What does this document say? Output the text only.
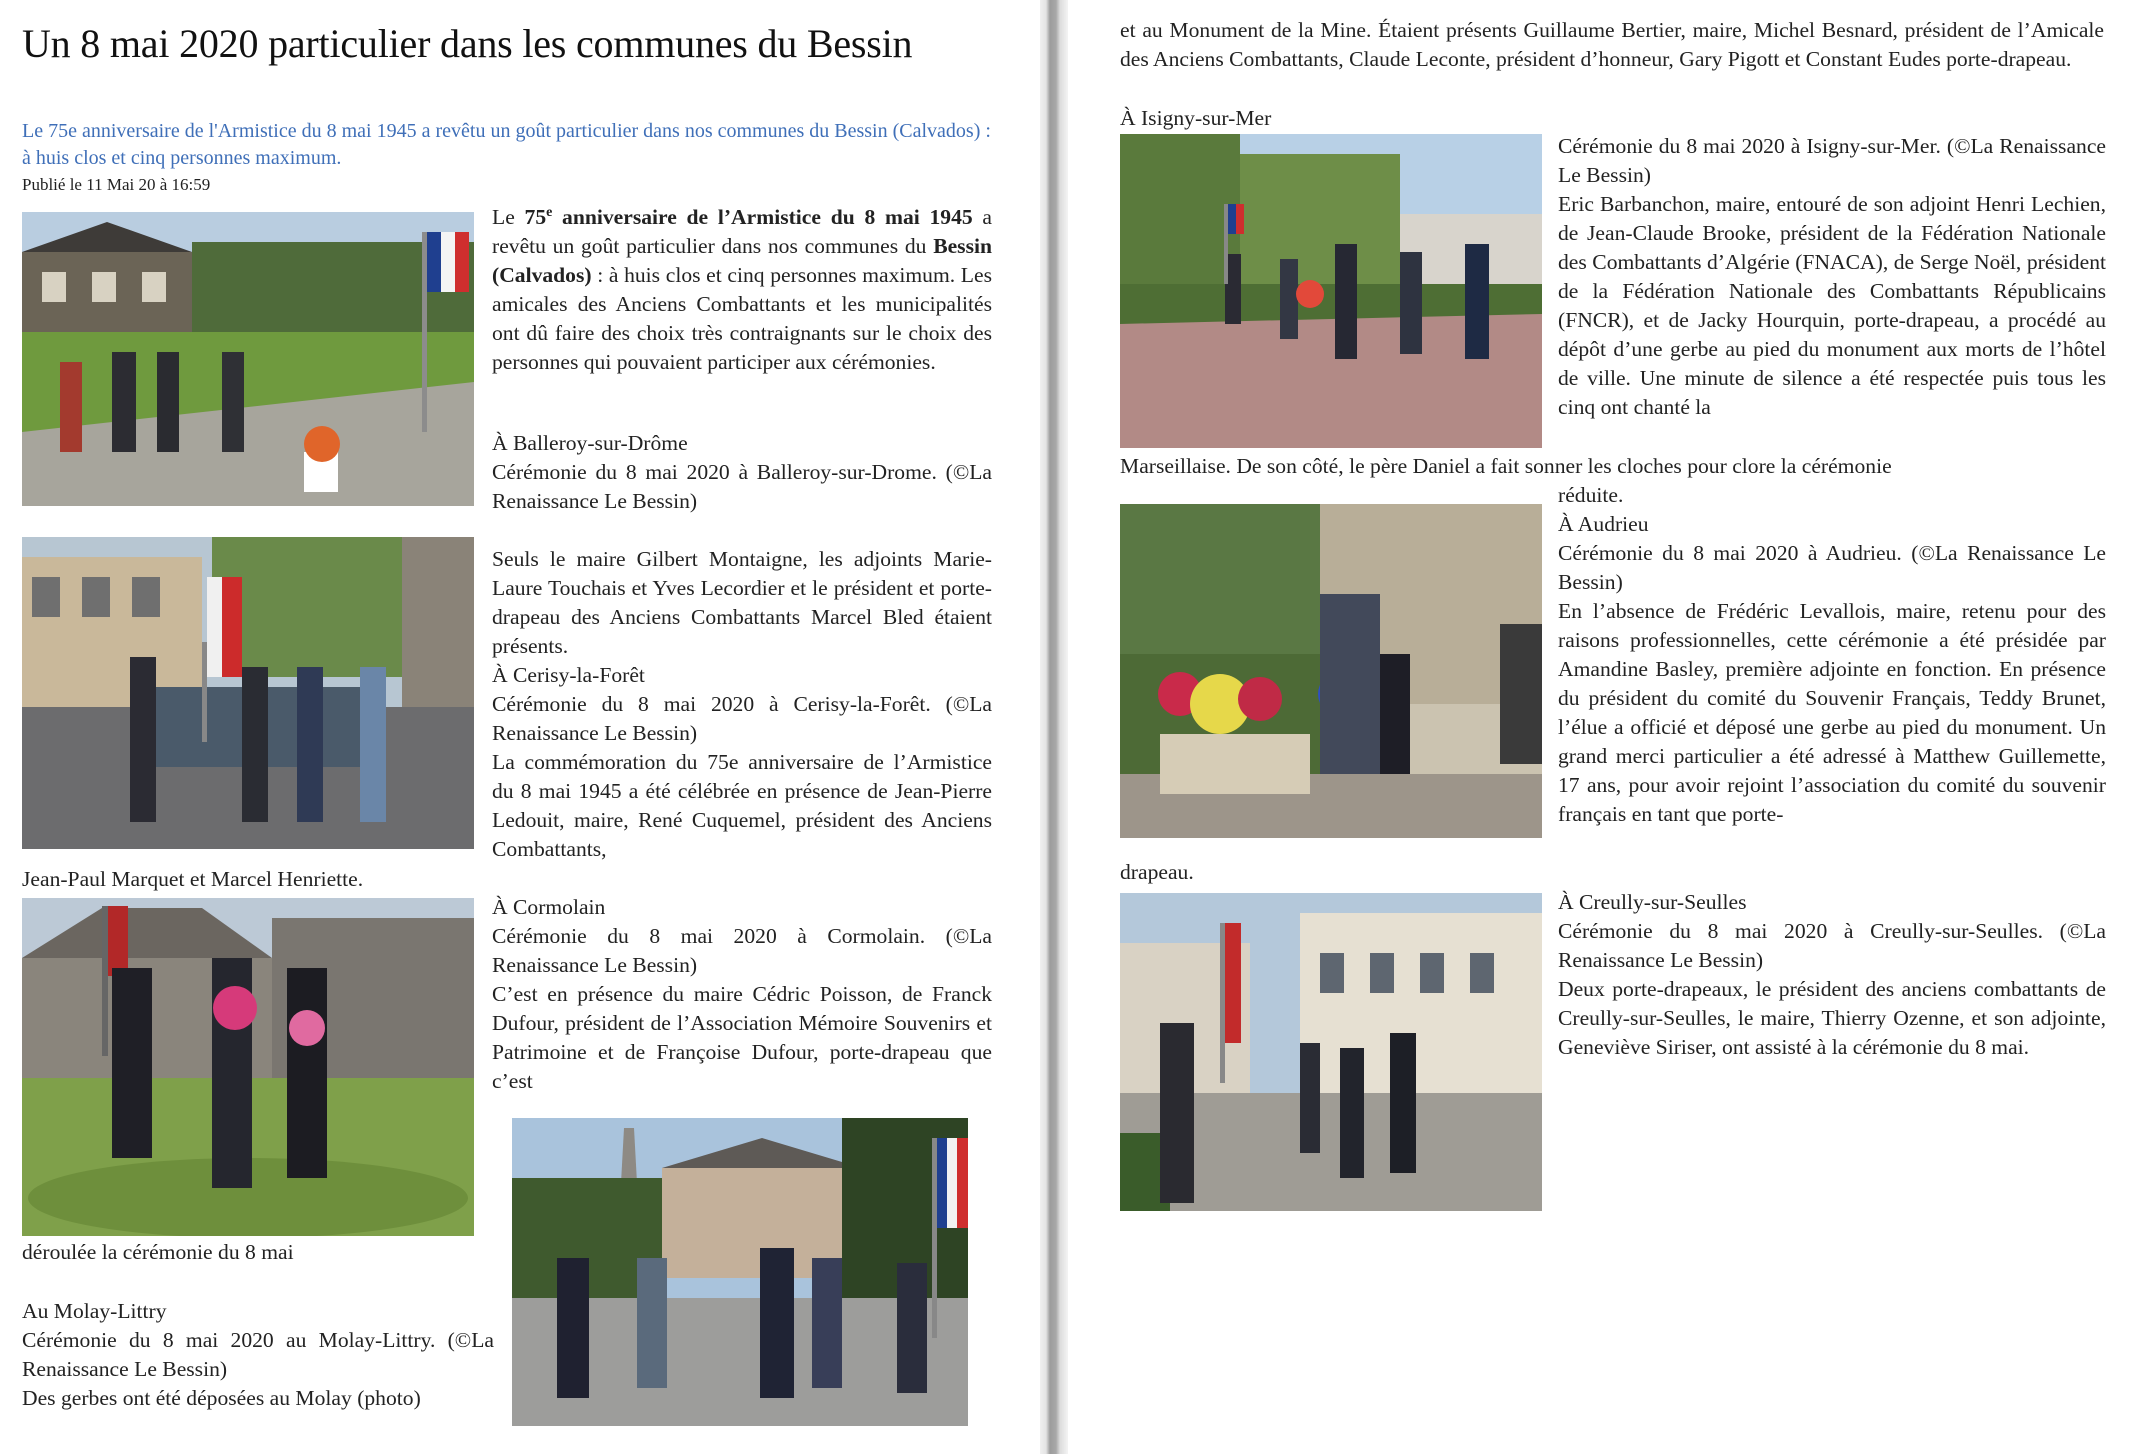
Un 8 mai 2020 particulier dans les communes du Bessin
Le 75e anniversaire de l'Armistice du 8 mai 1945 a revêtu un goût particulier dans nos communes du Bessin (Calvados) : à huis clos et cinq personnes maximum.
Publié le 11 Mai 20 à 16:59
Le 75e anniversaire de l’Armistice du 8 mai 1945 a revêtu un goût particulier dans nos communes du Bessin (Calvados) : à huis clos et cinq personnes maximum. Les amicales des Anciens Combattants et les municipalités ont dû faire des choix très contraignants sur le choix des personnes qui pouvaient participer aux cérémonies.
À Balleroy-sur-Drôme
Cérémonie du 8 mai 2020 à Balleroy-sur-Drome. (©La Renaissance Le Bessin)
Seuls le maire Gilbert Montaigne, les adjoints Marie-Laure Touchais et Yves Lecordier et le président et porte-drapeau des Anciens Combattants Marcel Bled étaient présents.
À Cerisy-la-Forêt
Cérémonie du 8 mai 2020 à Cerisy-la-Forêt. (©La Renaissance Le Bessin)
La commémoration du 75e anniversaire de l’Armistice du 8 mai 1945 a été célébrée en présence de Jean-Pierre Ledouit, maire, René Cuquemel, président des Anciens Combattants,
Jean-Paul Marquet et Marcel Henriette.
À Cormolain
Cérémonie du 8 mai 2020 à Cormolain. (©La Renaissance Le Bessin)
C’est en présence du maire Cédric Poisson, de Franck Dufour, président de l’Association Mémoire Souvenirs et Patrimoine et de Françoise Dufour, porte-drapeau que c’est
déroulée la cérémonie du 8 mai
Au Molay-Littry
Cérémonie du 8 mai 2020 au Molay-Littry. (©La Renaissance Le Bessin)
Des gerbes ont été déposées au Molay (photo)
et au Monument de la Mine. Étaient présents Guillaume Bertier, maire, Michel Besnard, président de l’Amicale des Anciens Combattants, Claude Leconte, président d’honneur, Gary Pigott et Constant Eudes porte-drapeau.
À Isigny-sur-Mer
Cérémonie du 8 mai 2020 à Isigny-sur-Mer. (©La Renaissance Le Bessin)
Eric Barbanchon, maire, entouré de son adjoint Henri Lechien, de Jean-Claude Brooke, président de la Fédération Nationale des Combattants d’Algérie (FNACA), de Serge Noël, président de la Fédération Nationale des Combattants Républicains (FNCR), et de Jacky Hourquin, porte-drapeau, a procédé au dépôt d’une gerbe au pied du monument aux morts de l’hôtel de ville. Une minute de silence a été respectée puis tous les cinq ont chanté la
Marseillaise. De son côté, le père Daniel a fait sonner les cloches pour clore la cérémonie
réduite.
À Audrieu
Cérémonie du 8 mai 2020 à Audrieu. (©La Renaissance Le Bessin)
En l’absence de Frédéric Levallois, maire, retenu pour des raisons professionnelles, cette cérémonie a été présidée par Amandine Basley, première adjointe en fonction. En présence du président du comité du Souvenir Français, Teddy Brunet, l’élue a officié et déposé une gerbe au pied du monument. Un grand merci particulier a été adressé à Matthew Guillemette, 17 ans, pour avoir rejoint l’association du comité du souvenir français en tant que porte-
drapeau.
À Creully-sur-Seulles
Cérémonie du 8 mai 2020 à Creully-sur-Seulles. (©La Renaissance Le Bessin)
Deux porte-drapeaux, le président des anciens combattants de Creully-sur-Seulles, le maire, Thierry Ozenne, et son adjointe, Geneviève Siriser, ont assisté à la cérémonie du 8 mai.
